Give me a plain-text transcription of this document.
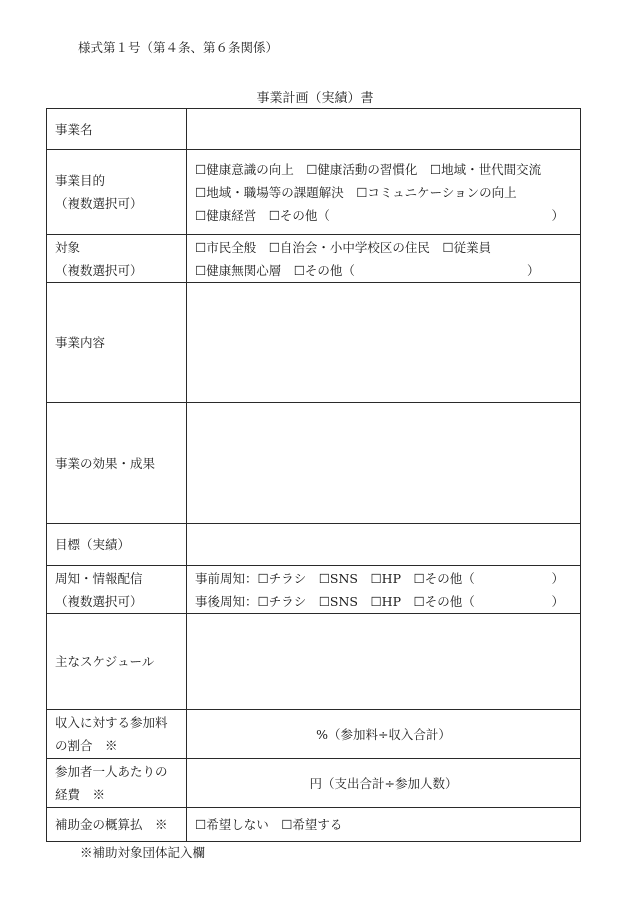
様式第１号（第４条、第６条関係）
事業計画（実績）書
事業名	

事業目的
（複数選択可）	☐健康意識の向上　☐健康活動の習慣化　☐地域・世代間交流
☐地域・職場等の課題解決　☐コミュニケーションの向上
☐健康経営　☐その他（ ）

対象
（複数選択可）	☐市民全般　☐自治会・小中学校区の住民　☐従業員
☐健康無関心層　☐その他（ ）

事業内容	
事業の効果・成果	
目標（実績）	

周知・情報配信
（複数選択可）	事前周知：☐チラシ　☐SNS　☐HP　☐その他（ ）
事後周知：☐チラシ　☐SNS　☐HP　☐その他（ ）

主なスケジュール	

収入に対する参加料
の割合　※	%（参加料÷収入合計）

参加者一人あたりの
経費　※	円（支出合計÷参加人数）
補助金の概算払　※	☐希望しない　☐希望する
※補助対象団体記入欄
